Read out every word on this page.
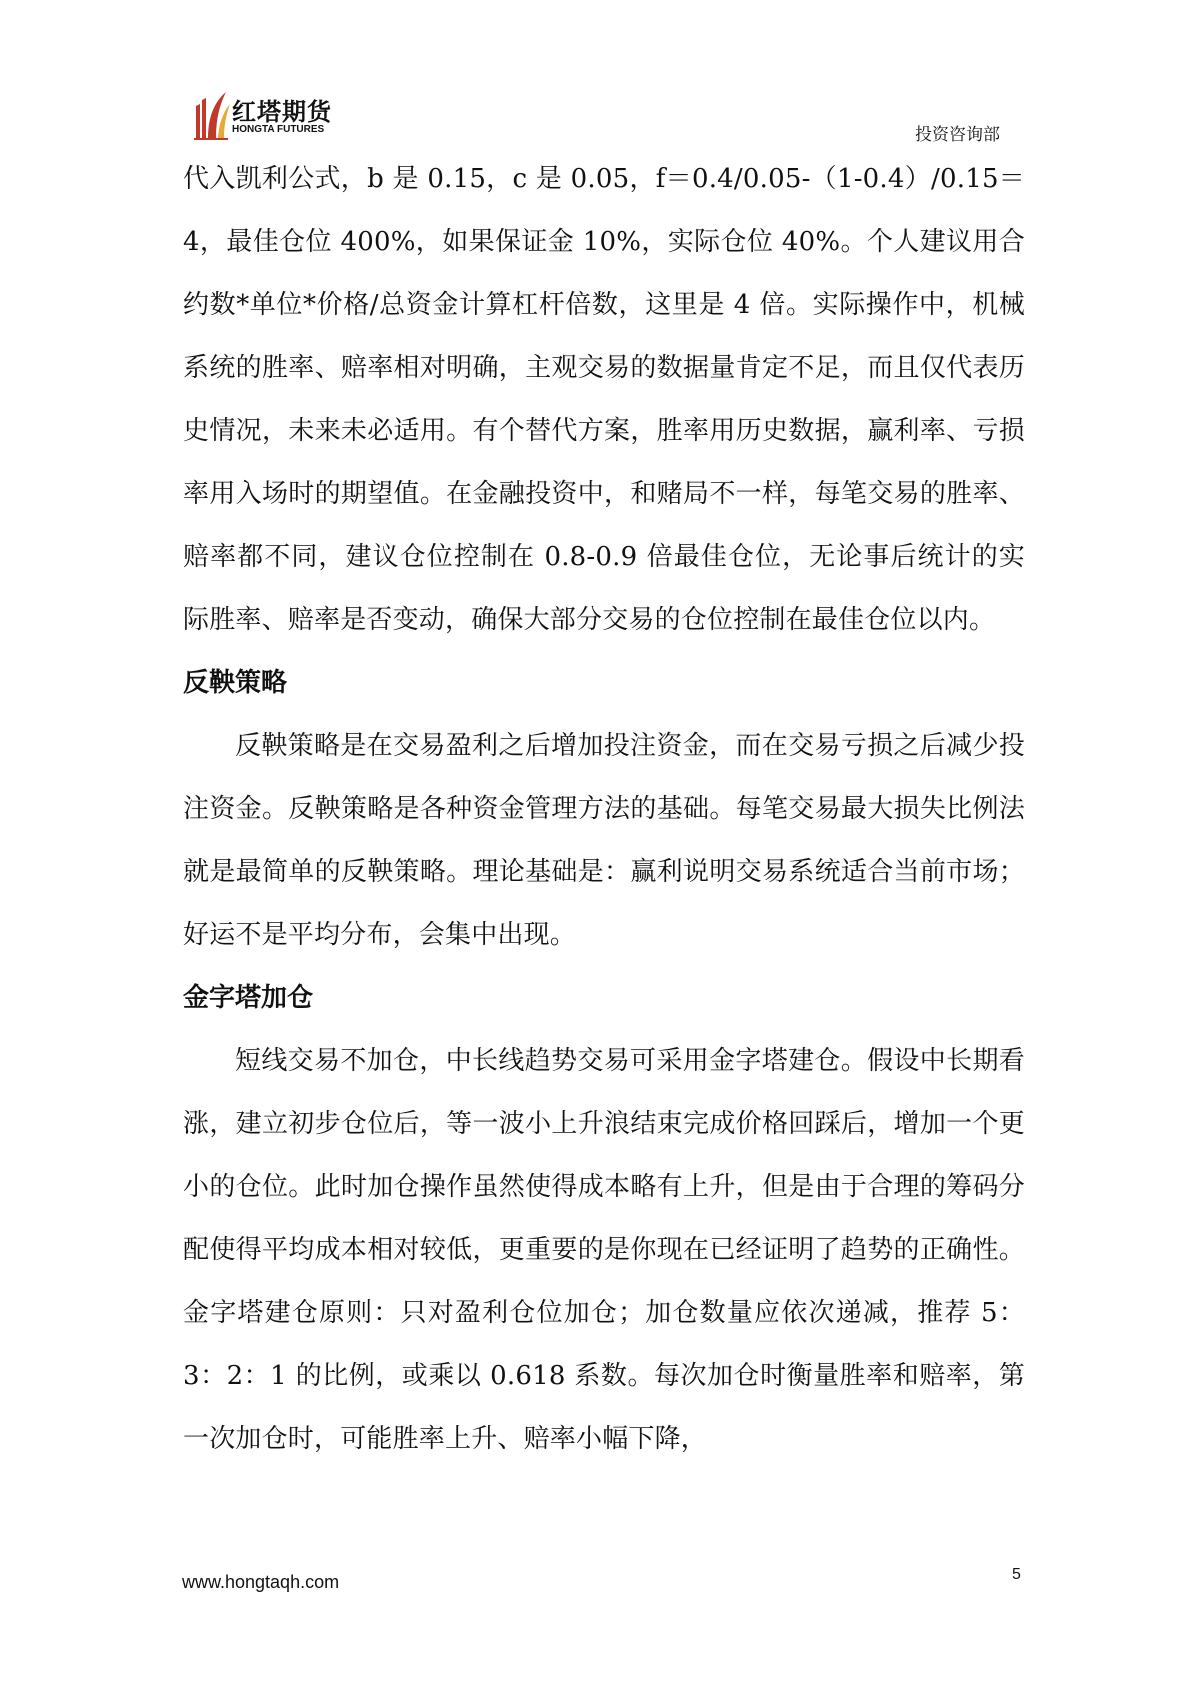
红塔期货
HONGTA FUTURES	投资咨询部

代入凯利公式，b 是 0.15，c 是 0.05，f＝0.4/0.05-（1-0.4）/0.15＝4，最佳仓位 400%，如果保证金 10%，实际仓位 40%。个人建议用合约数*单位*价格/总资金计算杠杆倍数，这里是 4 倍。实际操作中，机械系统的胜率、赔率相对明确，主观交易的数据量肯定不足，而且仅代表历史情况，未来未必适用。有个替代方案，胜率用历史数据，赢利率、亏损率用入场时的期望值。在金融投资中，和赌局不一样，每笔交易的胜率、赔率都不同，建议仓位控制在 0.8-0.9 倍最佳仓位，无论事后统计的实际胜率、赔率是否变动，确保大部分交易的仓位控制在最佳仓位以内。

反鞅策略

反鞅策略是在交易盈利之后增加投注资金，而在交易亏损之后减少投注资金。反鞅策略是各种资金管理方法的基础。每笔交易最大损失比例法就是最简单的反鞅策略。理论基础是：赢利说明交易系统适合当前市场；好运不是平均分布，会集中出现。

金字塔加仓

短线交易不加仓，中长线趋势交易可采用金字塔建仓。假设中长期看涨，建立初步仓位后，等一波小上升浪结束完成价格回踩后，增加一个更小的仓位。此时加仓操作虽然使得成本略有上升，但是由于合理的筹码分配使得平均成本相对较低，更重要的是你现在已经证明了趋势的正确性。金字塔建仓原则：只对盈利仓位加仓；加仓数量应依次递减，推荐 5：3：2：1 的比例，或乘以 0.618 系数。每次加仓时衡量胜率和赔率，第一次加仓时，可能胜率上升、赔率小幅下降，

www.hongtaqh.com	5
